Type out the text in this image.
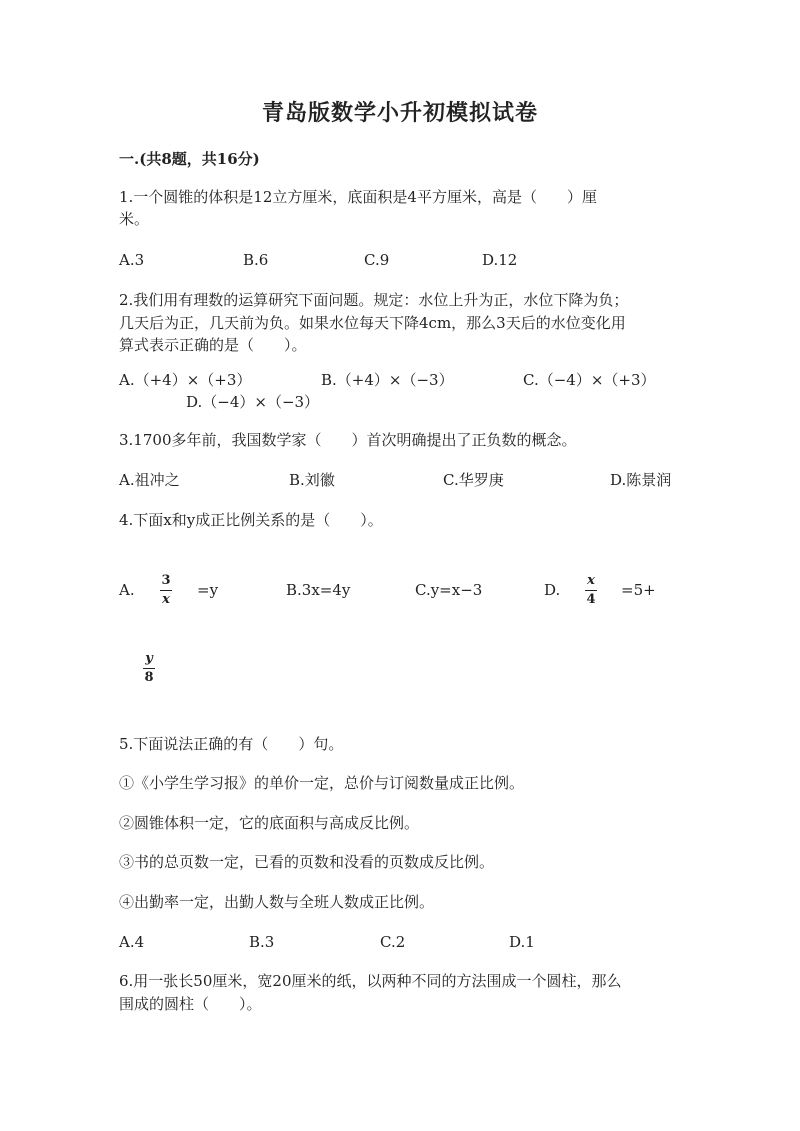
青岛版数学小升初模拟试卷
一.(共8题，共16分)
1.一个圆锥的体积是12立方厘米，底面积是4平方厘米，高是（　　）厘
米。
A.3	B.6	C.9	D.12
2.我们用有理数的运算研究下面问题。规定：水位上升为正，水位下降为负；
几天后为正，几天前为负。如果水位每天下降4cm，那么3天后的水位变化用
算式表示正确的是（　　）。
A.（+4）×（+3）	B.（+4）×（−3）	C.（−4）×（+3）
D.（−4）×（−3）
3.1700多年前，我国数学家（　　）首次明确提出了正负数的概念。
A.祖冲之	B.刘徽	C.华罗庚	D.陈景润
4.下面x和y成正比例关系的是（　　）。
A.
3
x
=y	B.3x=4y	C.y=x−3	D.
x
4
=5+
y
8
5.下面说法正确的有（　　）句。
①《小学生学习报》的单价一定，总价与订阅数量成正比例。
②圆锥体积一定，它的底面积与高成反比例。
③书的总页数一定，已看的页数和没看的页数成反比例。
④出勤率一定，出勤人数与全班人数成正比例。
A.4	B.3	C.2	D.1
6.用一张长50厘米，宽20厘米的纸，以两种不同的方法围成一个圆柱，那么
围成的圆柱（　　）。
